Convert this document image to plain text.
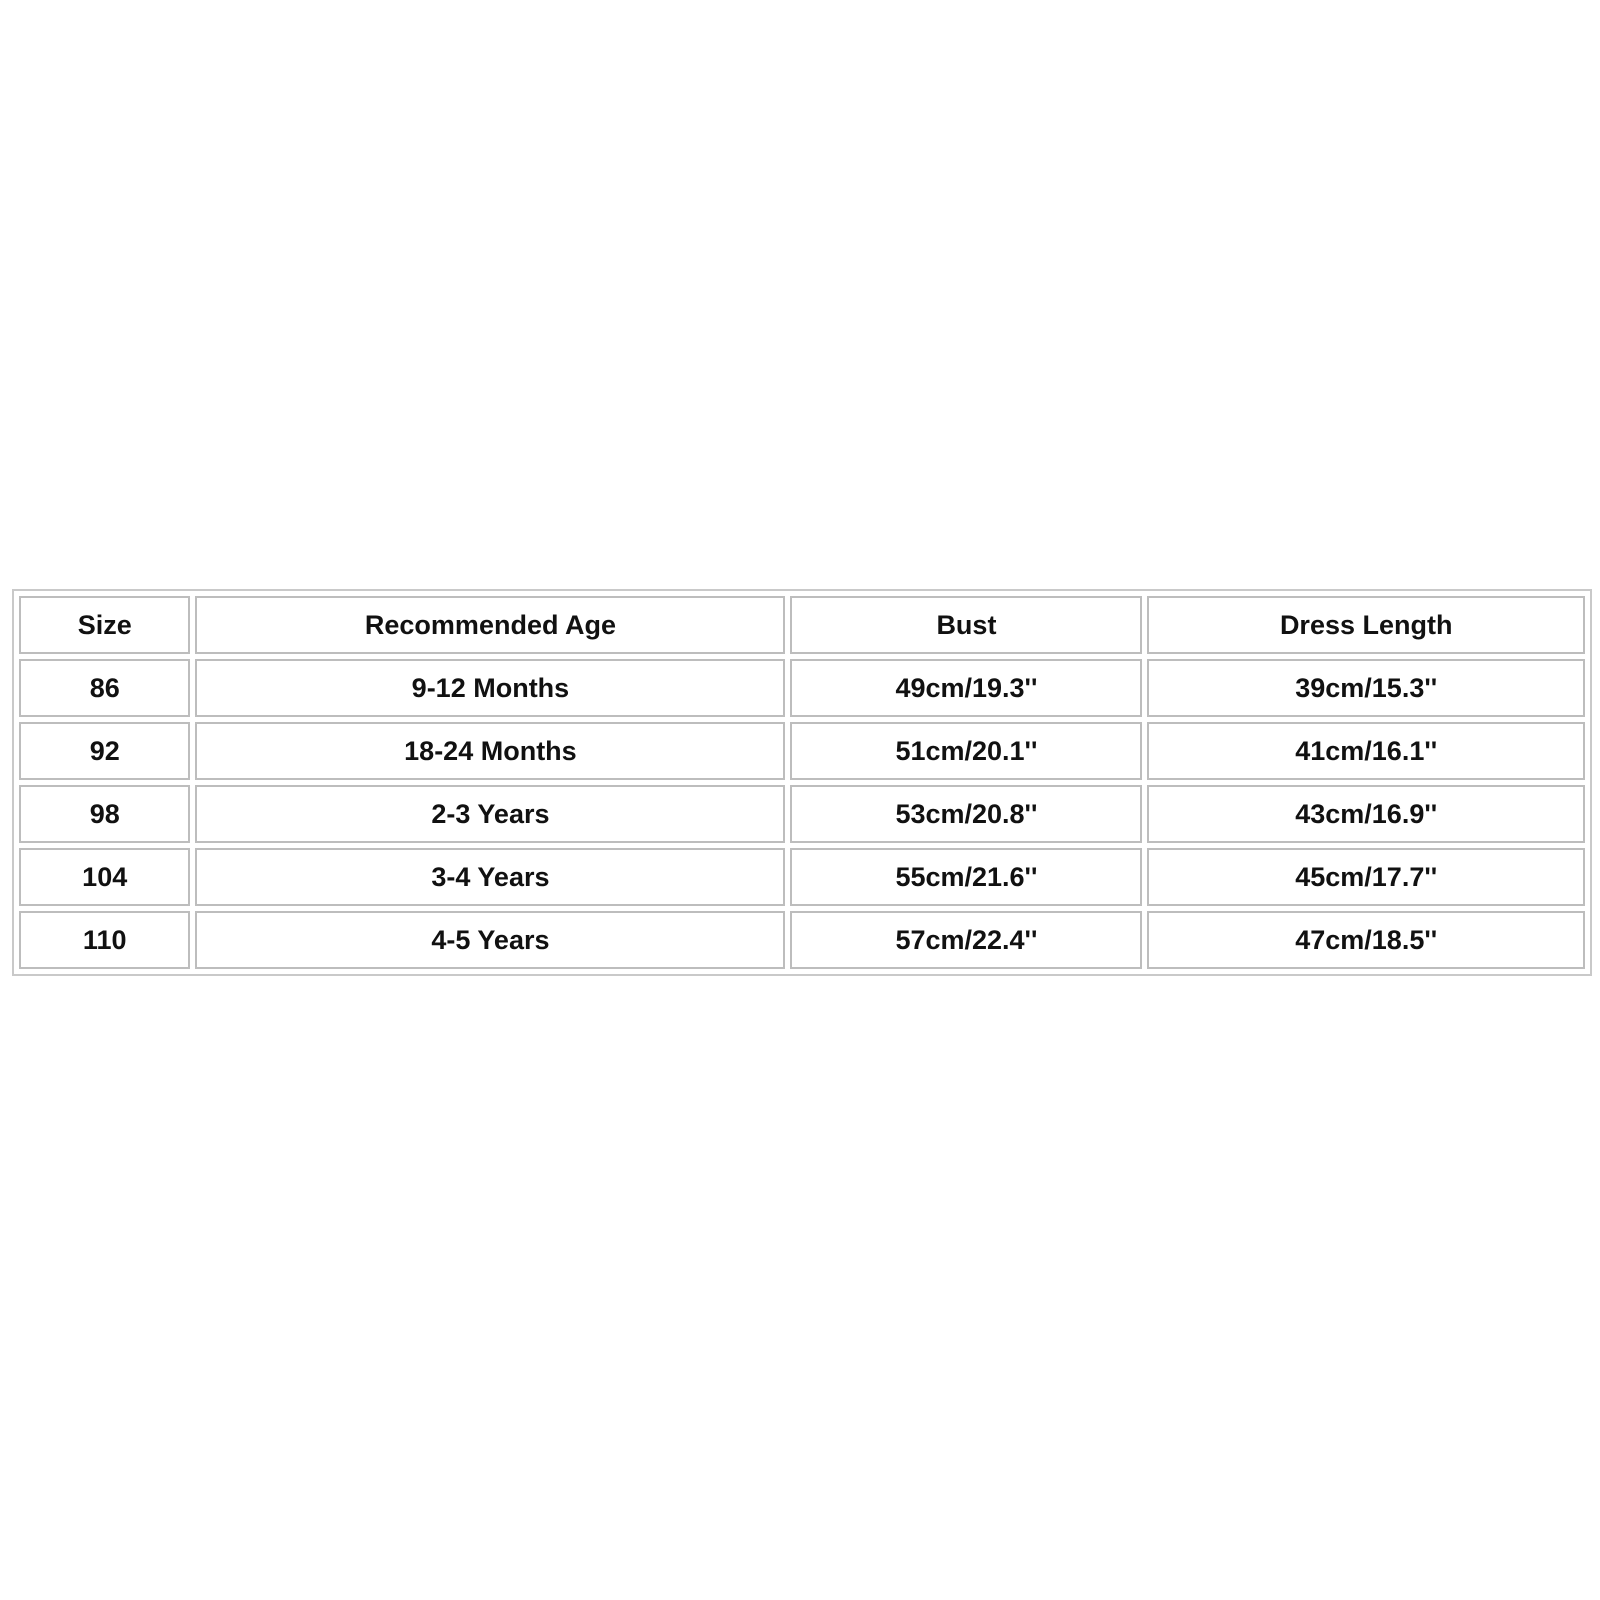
Size	Recommended Age	Bust	Dress Length
86	9-12 Months	49cm/19.3''	39cm/15.3''
92	18-24 Months	51cm/20.1''	41cm/16.1''
98	2-3 Years	53cm/20.8''	43cm/16.9''
104	3-4 Years	55cm/21.6''	45cm/17.7''
110	4-5 Years	57cm/22.4''	47cm/18.5''
